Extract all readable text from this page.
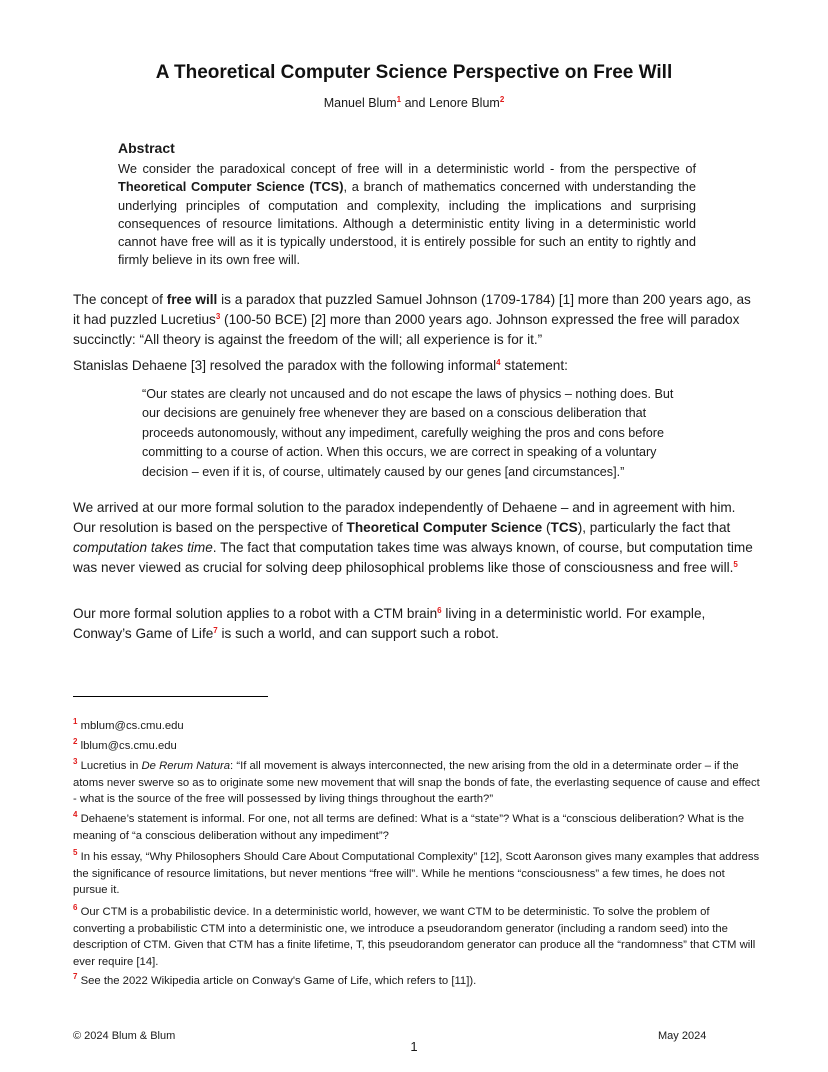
A Theoretical Computer Science Perspective on Free Will
Manuel Blum$^1$ and Lenore Blum$^2$
Abstract

We consider the paradoxical concept of free will in a deterministic world - from the perspective of Theoretical Computer Science (TCS), a branch of mathematics concerned with understanding the underlying principles of computation and complexity, including the implications and surprising consequences of resource limitations. Although a deterministic entity living in a deterministic world cannot have free will as it is typically understood, it is entirely possible for such an entity to rightly and firmly believe in its own free will.

The concept of free will is a paradox that puzzled Samuel Johnson (1709-1784) [1] more than 200 years ago, as it had puzzled Lucretius$^3$ (100-50 BCE) [2] more than 2000 years ago. Johnson expressed the free will paradox succinctly: “All theory is against the freedom of the will; all experience is for it.”

Stanislas Dehaene [3] resolved the paradox with the following informal$^4$ statement:

“Our states are clearly not uncaused and do not escape the laws of physics – nothing does. But our decisions are genuinely free whenever they are based on a conscious deliberation that proceeds autonomously, without any impediment, carefully weighing the pros and cons before committing to a course of action. When this occurs, we are correct in speaking of a voluntary decision – even if it is, of course, ultimately caused by our genes [and circumstances].”

We arrived at our more formal solution to the paradox independently of Dehaene – and in agreement with him. Our resolution is based on the perspective of Theoretical Computer Science (TCS), particularly the fact that computation takes time. The fact that computation takes time was always known, of course, but computation time was never viewed as crucial for solving deep philosophical problems like those of consciousness and free will.$^5$

Our more formal solution applies to a robot with a CTM brain$^6$ living in a deterministic world. For example, Conway’s Game of Life$^7$ is such a world, and can support such a robot.

$^1$ mblum@cs.cmu.edu

$^2$ lblum@cs.cmu.edu

$^3$ Lucretius in De Rerum Natura: “If all movement is always interconnected, the new arising from the old in a determinate order – if the atoms never swerve so as to originate some new movement that will snap the bonds of fate, the everlasting sequence of cause and effect - what is the source of the free will possessed by living things throughout the earth?”

$^4$ Dehaene’s statement is informal. For one, not all terms are defined: What is a “state”? What is a “conscious deliberation? What is the meaning of “a conscious deliberation without any impediment”?

$^5$ In his essay, “Why Philosophers Should Care About Computational Complexity” [12], Scott Aaronson gives many examples that address the significance of resource limitations, but never mentions “free will”. While he mentions “consciousness” a few times, he does not pursue it.

$^6$ Our CTM is a probabilistic device. In a deterministic world, however, we want CTM to be deterministic. To solve the problem of converting a probabilistic CTM into a deterministic one, we introduce a pseudorandom generator (including a random seed) into the description of CTM. Given that CTM has a finite lifetime, T, this pseudorandom generator can produce all the “randomness” that CTM will ever require [14].

$^7$ See the 2022 Wikipedia article on Conway's Game of Life, which refers to [11]).

© 2024 Blum & Blum	May 2024
1
